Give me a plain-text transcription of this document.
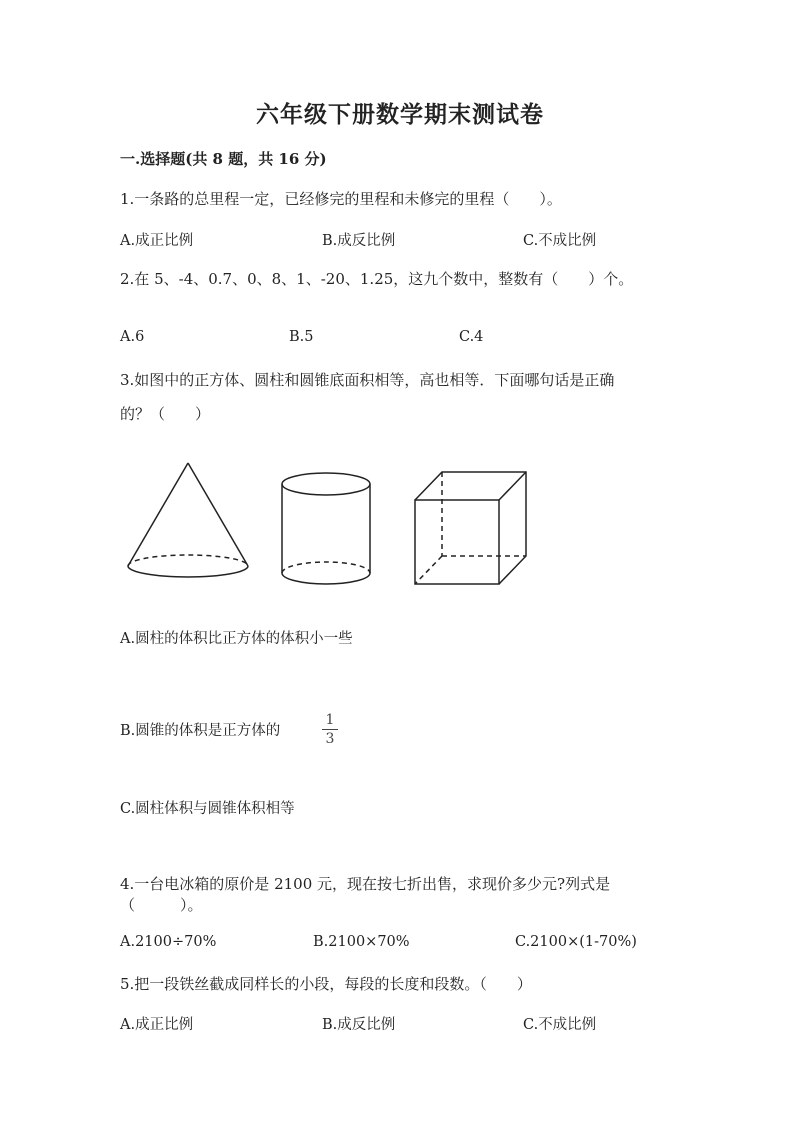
六年级下册数学期末测试卷
一.选择题(共 8 题，共 16 分)
1.一条路的总里程一定，已经修完的里程和未修完的里程（　　）。
A.成正比例	B.成反比例	C.不成比例
2.在 5、-4、0.7、0、8、1、-20、1.25，这九个数中，整数有（　　）个。
A.6	B.5	C.4
3.如图中的正方体、圆柱和圆锥底面积相等，高也相等．下面哪句话是正确
的？（　　）
A.圆柱的体积比正方体的体积小一些
B.圆锥的体积是正方体的
1
3
C.圆柱体积与圆锥体积相等
4.一台电冰箱的原价是 2100 元，现在按七折出售，求现价多少元?列式是
（　　　）。
A.2100÷70%	B.2100×70%	C.2100×(1-70%)
5.把一段铁丝截成同样长的小段，每段的长度和段数。（　　）
A.成正比例	B.成反比例	C.不成比例
